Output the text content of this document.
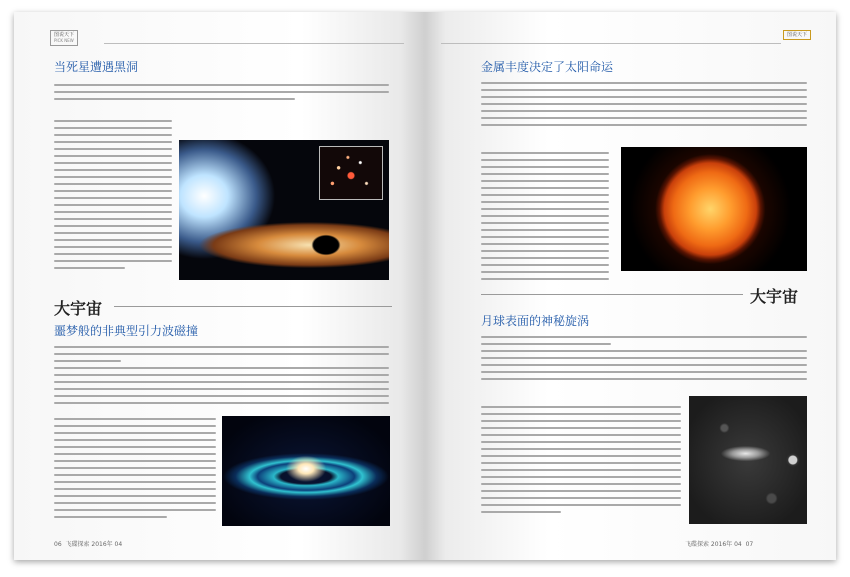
图说天下
PICK NEW
当死星遭遇黑洞
大宇宙
噩梦般的非典型引力波磁撞
06 飞碟探索 2016年 04
图说天下
金属丰度决定了太阳命运
大宇宙
月球表面的神秘旋涡
飞碟探索 2016年 04 07
